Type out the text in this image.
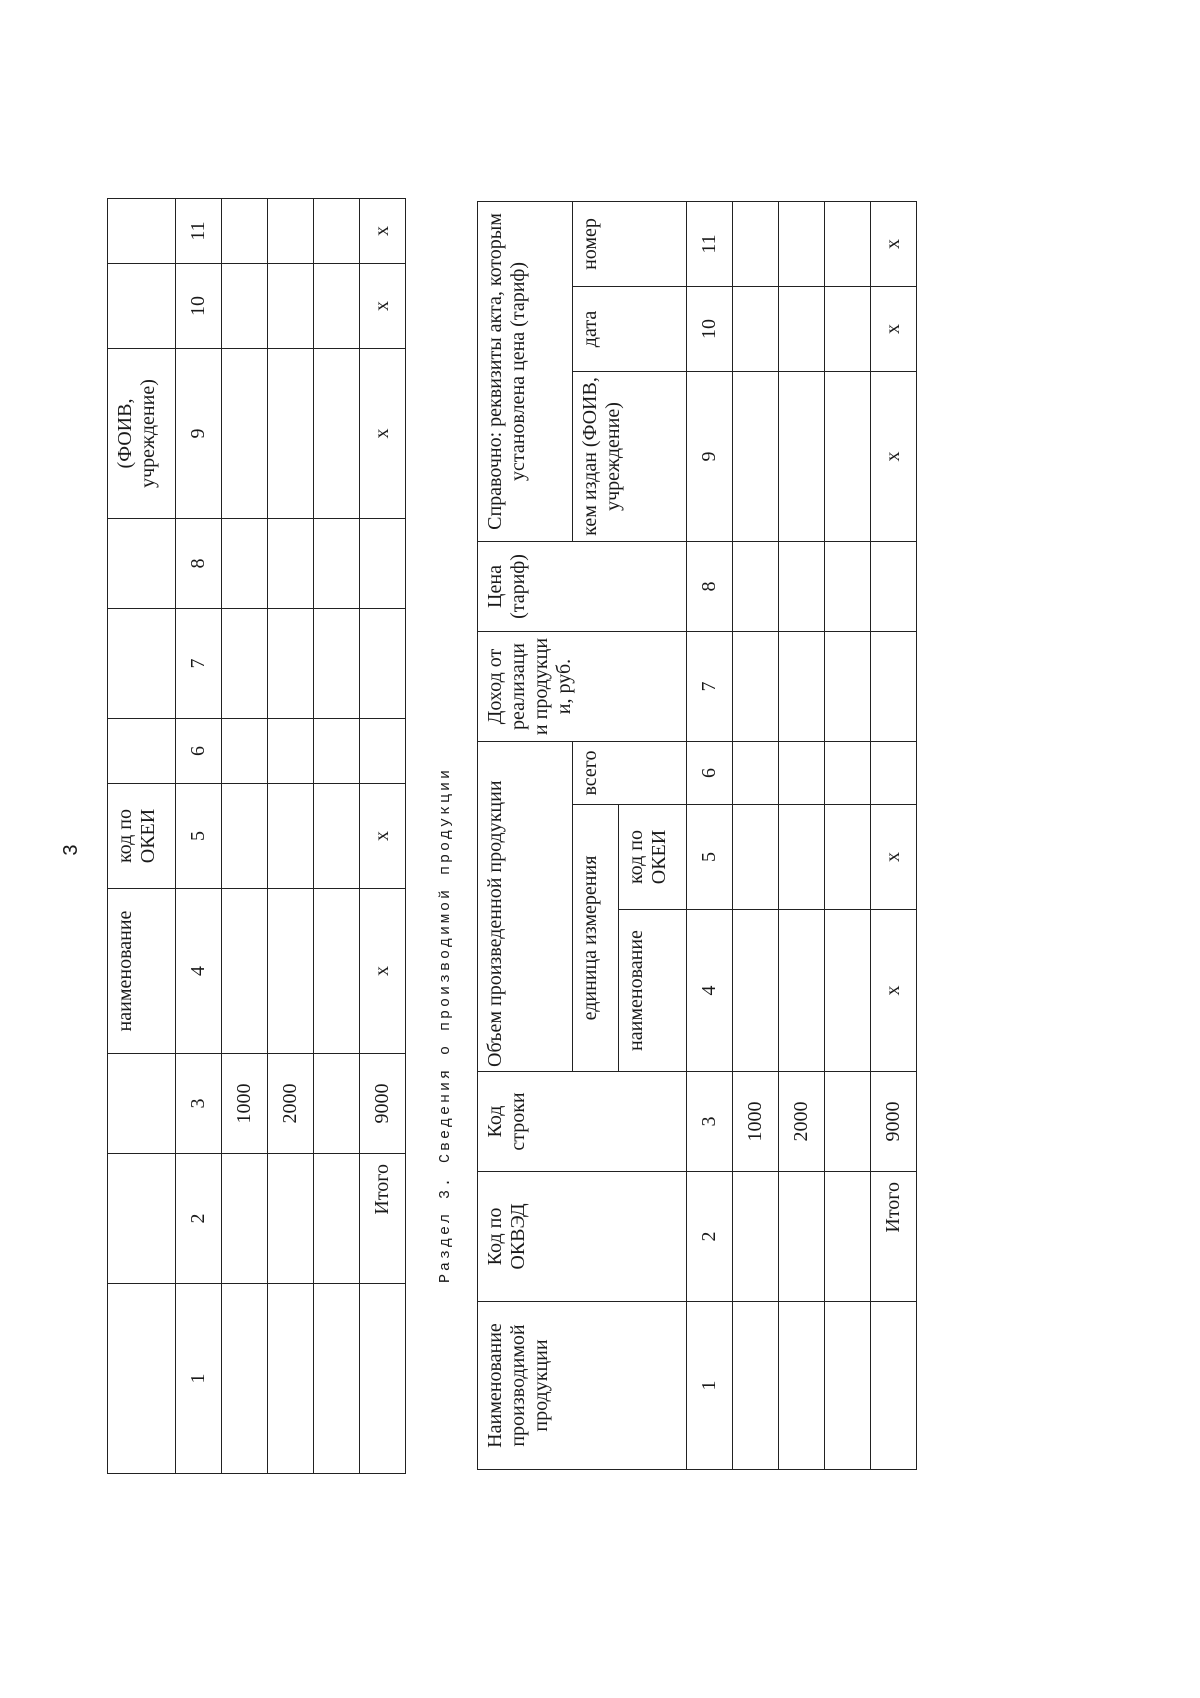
3
			наименование	код по ОКЕИ				(ФОИВ, учреждение)		
1	2	3	4	5	6	7	8	9	10	11
		1000								
		2000								

	Итого	9000	x	x				x	x	x
Раздел 3. Сведения о производимой продукции
Наименование производимой продукции	Код по ОКВЭД	Код строки	Объем произведенной продукции			Доход от реализаци и продукци и, руб.	Цена (тариф)	Справочно: реквизиты акта, которым установлена цена (тариф)		
			единица измерения		всего			кем издан (ФОИВ, учреждение)	дата	номер
			наименование	код по ОКЕИ						
1	2	3	4	5	6	7	8	9	10	11
		1000								
		2000								

	Итого	9000	x	x				x	x	x
